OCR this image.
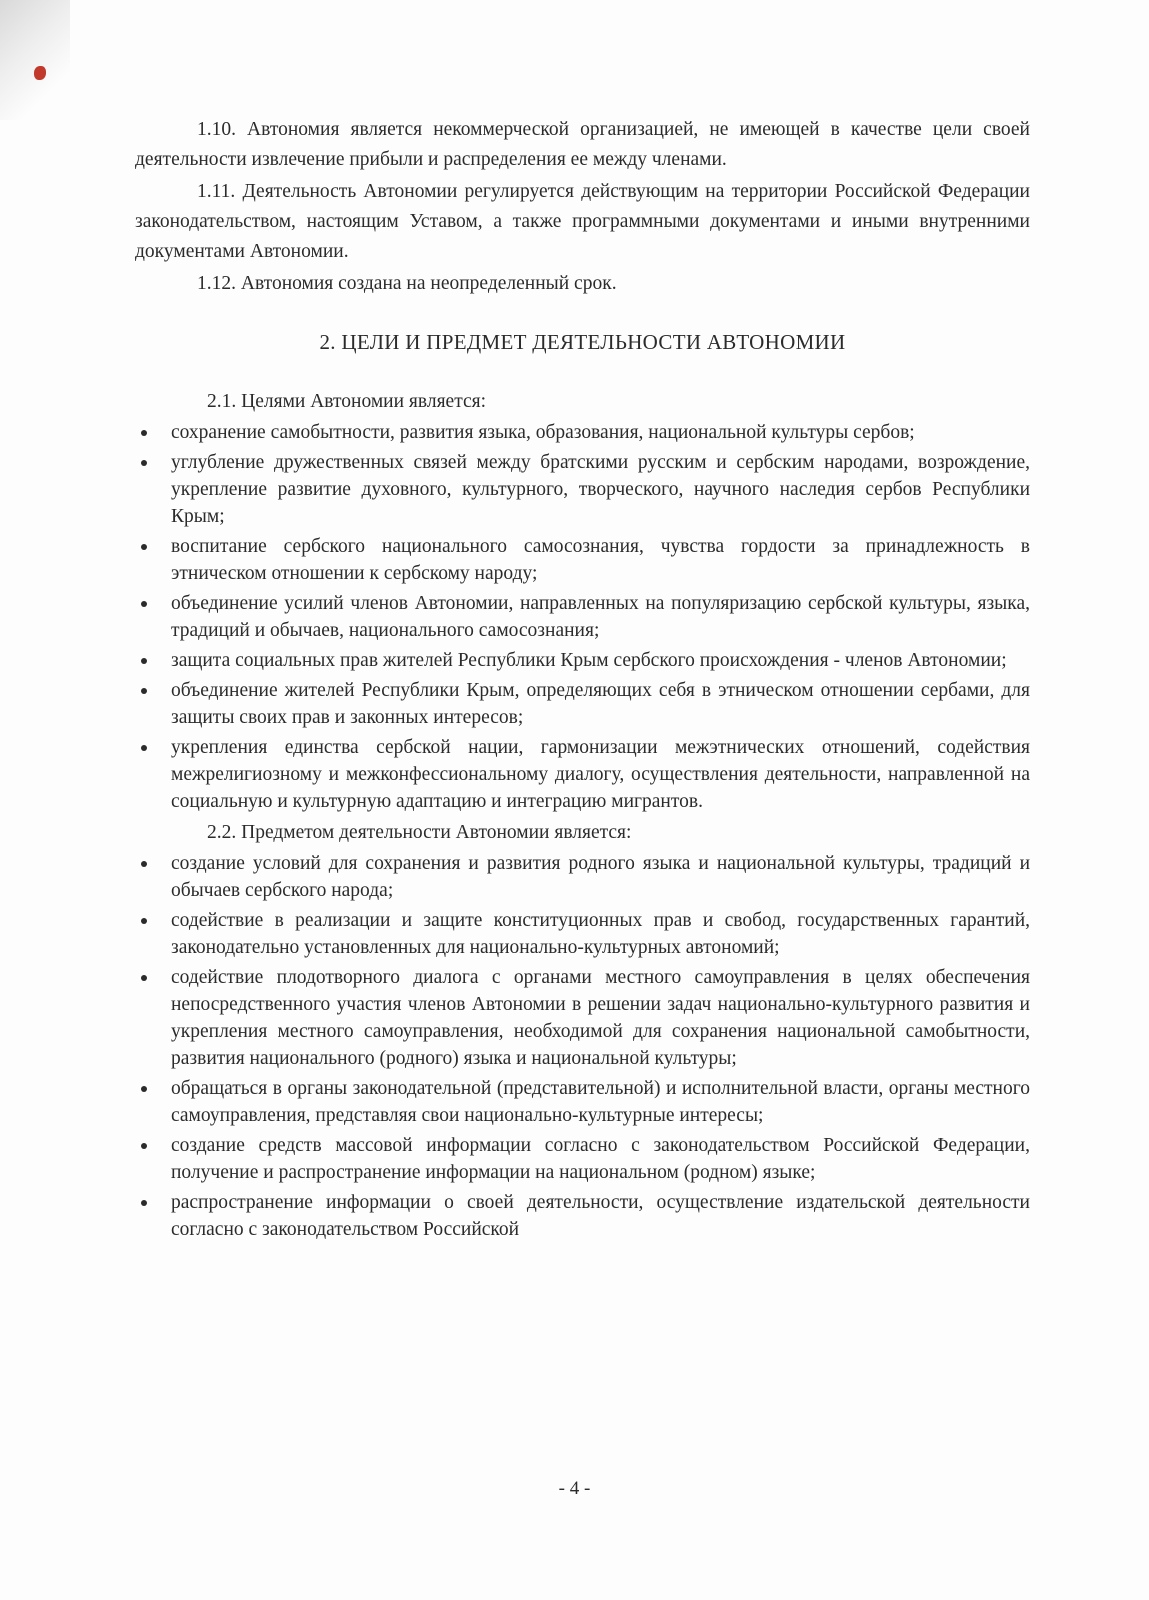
1.10. Автономия является некоммерческой организацией, не имеющей в качестве цели своей деятельности извлечение прибыли и распределения ее между членами.

1.11. Деятельность Автономии регулируется действующим на территории Российской Федерации законодательством, настоящим Уставом, а также программными документами и иными внутренними документами Автономии.

1.12. Автономия создана на неопределенный срок.

2. ЦЕЛИ И ПРЕДМЕТ ДЕЯТЕЛЬНОСТИ АВТОНОМИИ

2.1. Целями Автономии является:

сохранение самобытности, развития языка, образования, национальной культуры сербов;
углубление дружественных связей между братскими русским и сербским народами, возрождение, укрепление развитие духовного, культурного, творческого, научного наследия сербов Республики Крым;
воспитание сербского национального самосознания, чувства гордости за принадлежность в этническом отношении к сербскому народу;
объединение усилий членов Автономии, направленных на популяризацию сербской культуры, языка, традиций и обычаев, национального самосознания;
защита социальных прав жителей Республики Крым сербского происхождения - членов Автономии;
объединение жителей Республики Крым, определяющих себя в этническом отношении сербами, для защиты своих прав и законных интересов;
укрепления единства сербской нации, гармонизации межэтнических отношений, содействия межрелигиозному и межконфессиональному диалогу, осуществления деятельности, направленной на социальную и культурную адаптацию и интеграцию мигрантов.

2.2. Предметом деятельности Автономии является:

создание условий для сохранения и развития родного языка и национальной культуры, традиций и обычаев сербского народа;
содействие в реализации и защите конституционных прав и свобод, государственных гарантий, законодательно установленных для национально-культурных автономий;
содействие плодотворного диалога с органами местного самоуправления в целях обеспечения непосредственного участия членов Автономии в решении задач национально-культурного развития и укрепления местного самоуправления, необходимой для сохранения национальной самобытности, развития национального (родного) языка и национальной культуры;
обращаться в органы законодательной (представительной) и исполнительной власти, органы местного самоуправления, представляя свои национально-культурные интересы;
создание средств массовой информации согласно с законодательством Российской Федерации, получение и распространение информации на национальном (родном) языке;
распространение информации о своей деятельности, осуществление издательской деятельности согласно с законодательством Российской
- 4 -
